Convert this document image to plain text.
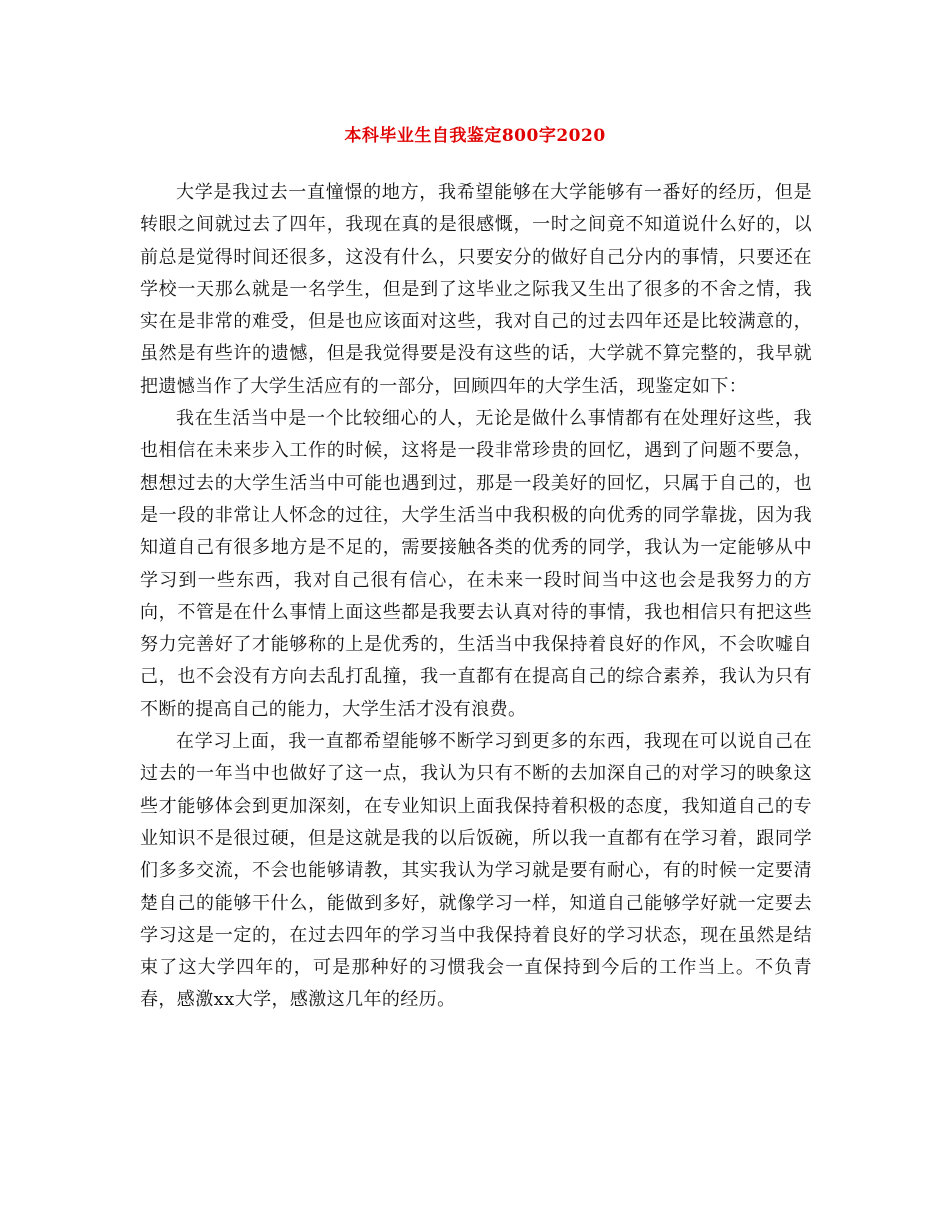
本科毕业生自我鉴定800字2020

大学是我过去一直憧憬的地方，我希望能够在大学能够有一番好的经历，但是转眼之间就过去了四年，我现在真的是很感慨，一时之间竟不知道说什么好的，以前总是觉得时间还很多，这没有什么，只要安分的做好自己分内的事情，只要还在学校一天那么就是一名学生，但是到了这毕业之际我又生出了很多的不舍之情，我实在是非常的难受，但是也应该面对这些，我对自己的过去四年还是比较满意的，虽然是有些许的遗憾，但是我觉得要是没有这些的话，大学就不算完整的，我早就把遗憾当作了大学生活应有的一部分，回顾四年的大学生活，现鉴定如下：

我在生活当中是一个比较细心的人，无论是做什么事情都有在处理好这些，我也相信在未来步入工作的时候，这将是一段非常珍贵的回忆，遇到了问题不要急，想想过去的大学生活当中可能也遇到过，那是一段美好的回忆，只属于自己的，也是一段的非常让人怀念的过往，大学生活当中我积极的向优秀的同学靠拢，因为我知道自己有很多地方是不足的，需要接触各类的优秀的同学，我认为一定能够从中学习到一些东西，我对自己很有信心，在未来一段时间当中这也会是我努力的方向，不管是在什么事情上面这些都是我要去认真对待的事情，我也相信只有把这些努力完善好了才能够称的上是优秀的，生活当中我保持着良好的作风，不会吹嘘自己，也不会没有方向去乱打乱撞，我一直都有在提高自己的综合素养，我认为只有不断的提高自己的能力，大学生活才没有浪费。

在学习上面，我一直都希望能够不断学习到更多的东西，我现在可以说自己在过去的一年当中也做好了这一点，我认为只有不断的去加深自己的对学习的映象这些才能够体会到更加深刻，在专业知识上面我保持着积极的态度，我知道自己的专业知识不是很过硬，但是这就是我的以后饭碗，所以我一直都有在学习着，跟同学们多多交流，不会也能够请教，其实我认为学习就是要有耐心，有的时候一定要清楚自己的能够干什么，能做到多好，就像学习一样，知道自己能够学好就一定要去学习这是一定的，在过去四年的学习当中我保持着良好的学习状态，现在虽然是结束了这大学四年的，可是那种好的习惯我会一直保持到今后的工作当上。不负青春，感激xx大学，感激这几年的经历。
